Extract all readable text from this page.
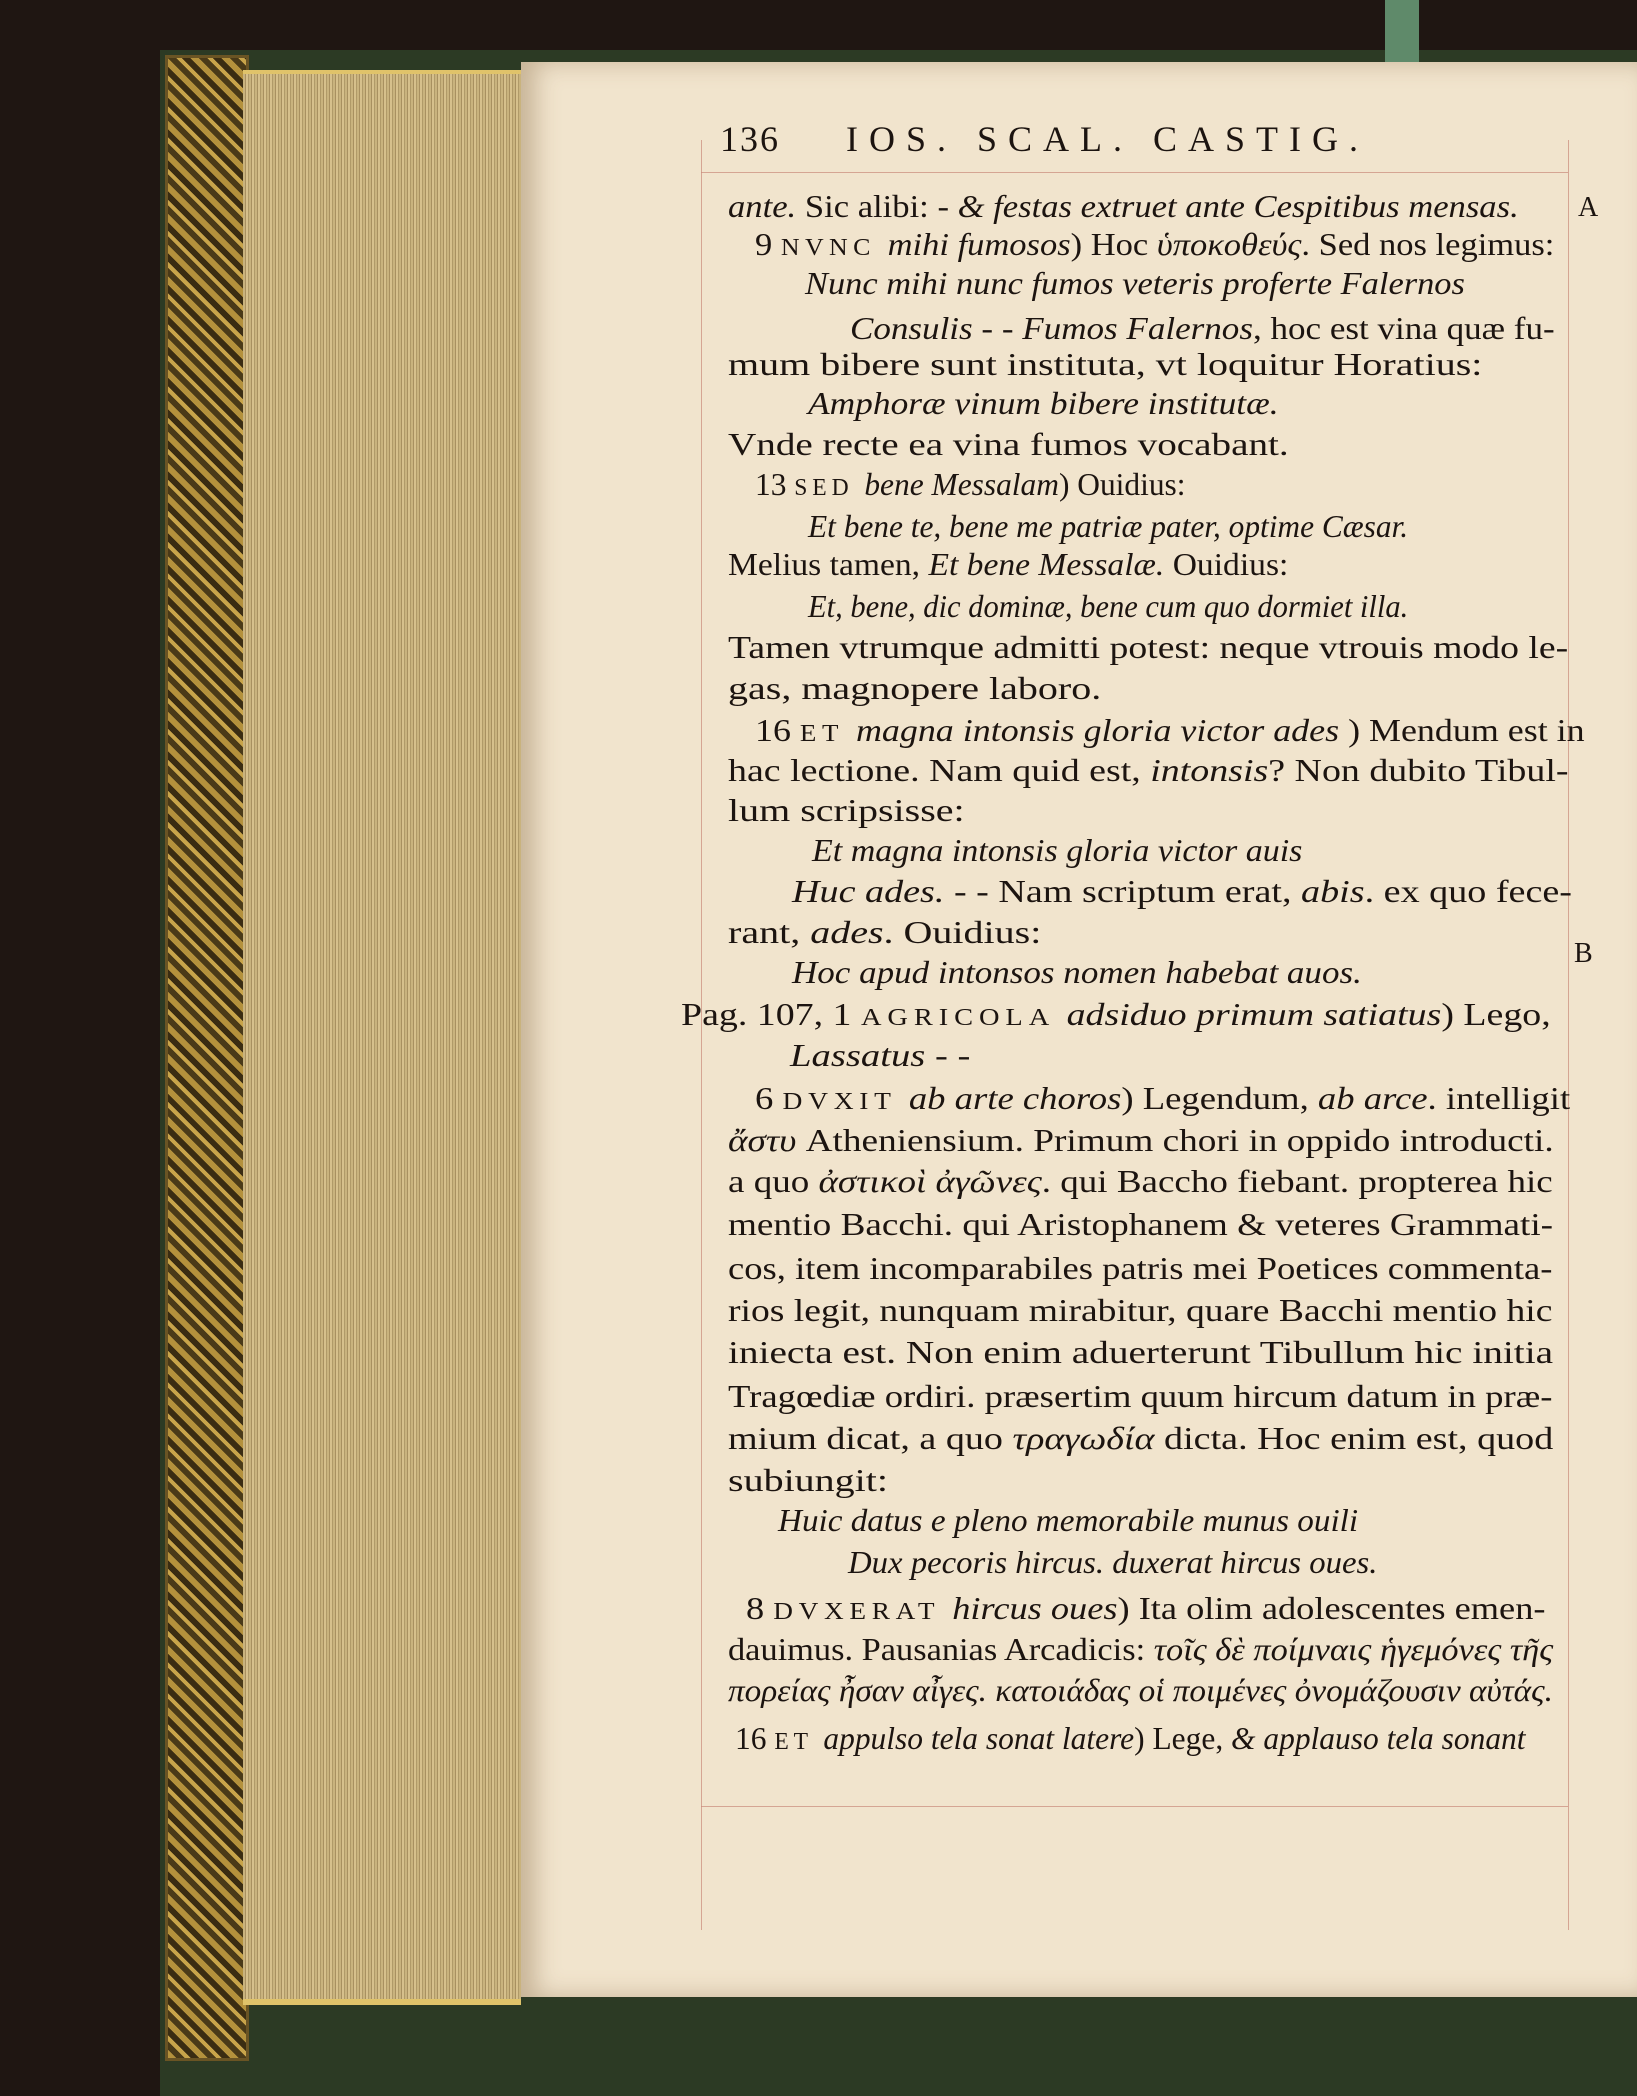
136 IOS. SCAL. CASTIG.
A
B
ante. Sic alibi: - & festas extruet ante Cespitibus mensas.
9 NVNC mihi fumosos) Hoc ὑποκοθεύς. Sed nos legimus:
Nunc mihi nunc fumos veteris proferte Falernos
Consulis - - Fumos Falernos, hoc est vina quæ fu-
mum bibere sunt instituta, vt loquitur Horatius:
Amphoræ vinum bibere institutæ.
Vnde recte ea vina fumos vocabant.
13 SED bene Messalam) Ouidius:
Et bene te, bene me patriæ pater, optime Cæsar.
Melius tamen, Et bene Messalæ. Ouidius:
Et, bene, dic dominæ, bene cum quo dormiet illa.
Tamen vtrumque admitti potest: neque vtrouis modo le-
gas, magnopere laboro.
16 ET magna intonsis gloria victor ades ) Mendum est in
hac lectione. Nam quid est, intonsis? Non dubito Tibul-
lum scripsisse:
Et magna intonsis gloria victor auis
Huc ades. - - Nam scriptum erat, abis. ex quo fece-
rant, ades. Ouidius:
Hoc apud intonsos nomen habebat auos.
Pag. 107, 1 AGRICOLA adsiduo primum satiatus) Lego,
Lassatus - -
6 DVXIT ab arte choros) Legendum, ab arce. intelligit
ἄστυ Atheniensium. Primum chori in oppido introducti.
a quo ἀστικοὶ ἀγῶνες. qui Baccho fiebant. propterea hic
mentio Bacchi. qui Aristophanem & veteres Grammati-
cos, item incomparabiles patris mei Poetices commenta-
rios legit, nunquam mirabitur, quare Bacchi mentio hic
iniecta est. Non enim aduerterunt Tibullum hic initia
Tragœdiæ ordiri. præsertim quum hircum datum in præ-
mium dicat, a quo τραγωδία dicta. Hoc enim est, quod
subiungit:
Huic datus e pleno memorabile munus ouili
Dux pecoris hircus. duxerat hircus oues.
8 DVXERAT hircus oues) Ita olim adolescentes emen-
dauimus. Pausanias Arcadicis: τοῖς δὲ ποίμναις ἡγεμόνες τῆς
πορείας ἦσαν αἶγες. κατοιάδας οἱ ποιμένες ὀνομάζουσιν αὐτάς.
16 ET appulso tela sonat latere) Lege, & applauso tela sonant
